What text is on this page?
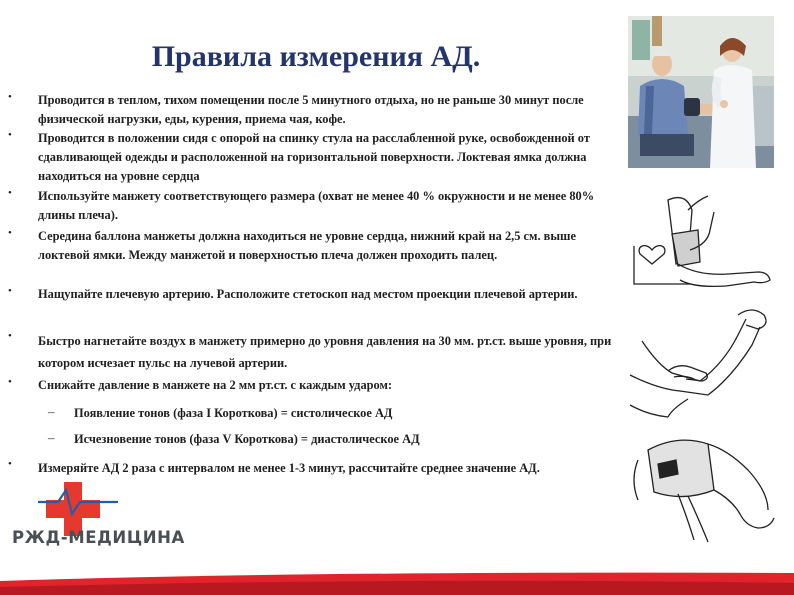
Правила измерения АД.
• Проводится в теплом, тихом помещении после 5 минутного отдыха, но не раньше 30 минут после физической нагрузки, еды, курения, приема чая, кофе.
• Проводится в положении сидя с опорой на спинку стула на расслабленной руке, освобожденной от сдавливающей одежды и расположенной на горизонтальной поверхности. Локтевая ямка должна находиться на уровне сердца
• Используйте манжету соответствующего размера (охват не менее 40 % окружности и не менее 80% длины плеча).
• Середина баллона манжеты должна находиться не уровне сердца, нижний край на 2,5 см. выше локтевой ямки. Между манжетой и поверхностью плеча должен проходить палец.
• Нащупайте плечевую артерию. Расположите стетоскоп над местом проекции плечевой артерии.
• Быстро нагнетайте воздух в манжету примерно до уровня давления на 30 мм. рт.ст. выше уровня, при котором исчезает пульс на лучевой артерии.
• Снижайте давление в манжете на 2 мм рт.ст. с каждым ударом:
– Появление тонов (фаза I Короткова) = систолическое АД
– Исчезновение тонов (фаза V Короткова) = диастолическое АД
• Измеряйте АД 2 раза с интервалом не менее 1-3 минут, рассчитайте среднее значение АД.
РЖД-МЕДИЦИНА
